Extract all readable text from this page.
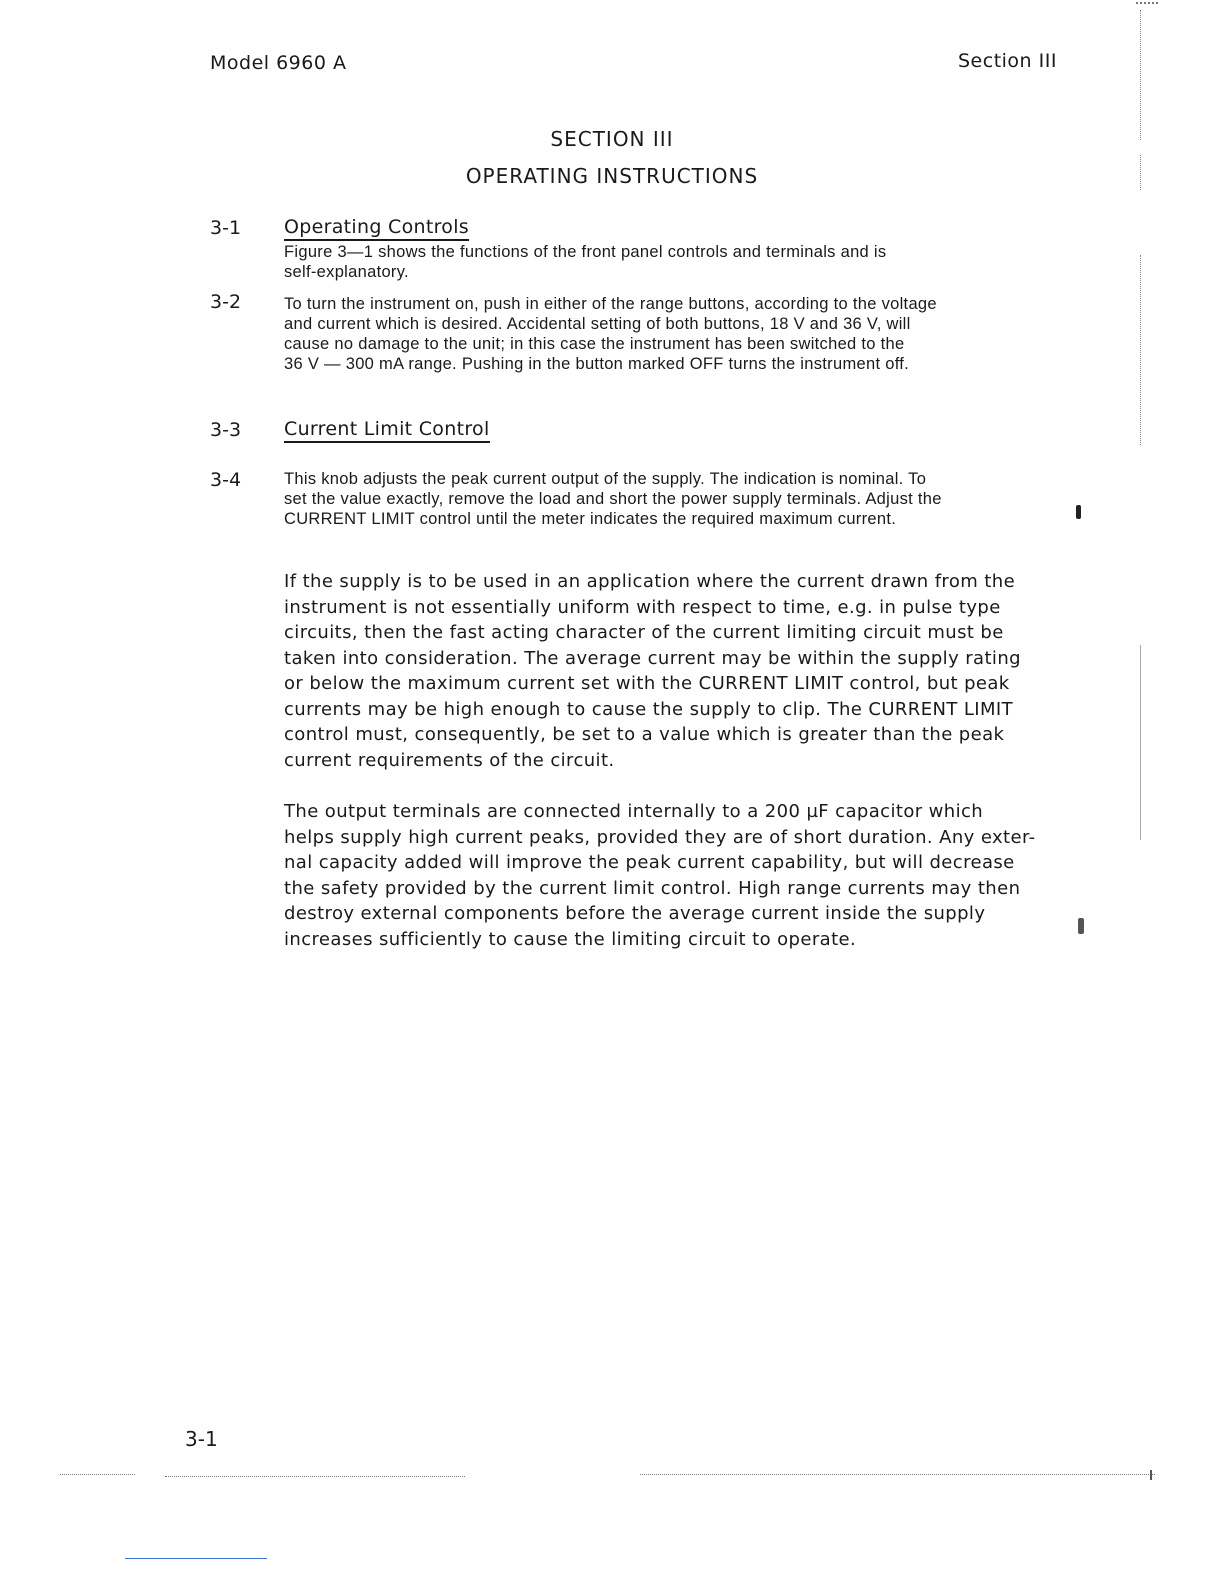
Model 6960 A	Section III
SECTION III
OPERATING INSTRUCTIONS
3-1 Operating Controls
Figure 3—1 shows the functions of the front panel controls and terminals and is
self-explanatory.
3-2	To turn the instrument on, push in either of the range buttons, according to the voltage
and current which is desired. Accidental setting of both buttons, 18 V and 36 V, will
cause no damage to the unit; in this case the instrument has been switched to the
36 V — 300 mA range. Pushing in the button marked OFF turns the instrument off.
3-3 Current Limit Control
3-4	This knob adjusts the peak current output of the supply. The indication is nominal. To
set the value exactly, remove the load and short the power supply terminals. Adjust the
CURRENT LIMIT control until the meter indicates the required maximum current.
If the supply is to be used in an application where the current drawn from the
instrument is not essentially uniform with respect to time, e.g. in pulse type
circuits, then the fast acting character of the current limiting circuit must be
taken into consideration. The average current may be within the supply rating
or below the maximum current set with the CURRENT LIMIT control, but peak
currents may be high enough to cause the supply to clip. The CURRENT LIMIT
control must, consequently, be set to a value which is greater than the peak
current requirements of the circuit.
The output terminals are connected internally to a 200 µF capacitor which
helps supply high current peaks, provided they are of short duration. Any exter-
nal capacity added will improve the peak current capability, but will decrease
the safety provided by the current limit control. High range currents may then
destroy external components before the average current inside the supply
increases sufficiently to cause the limiting circuit to operate.
3-1
